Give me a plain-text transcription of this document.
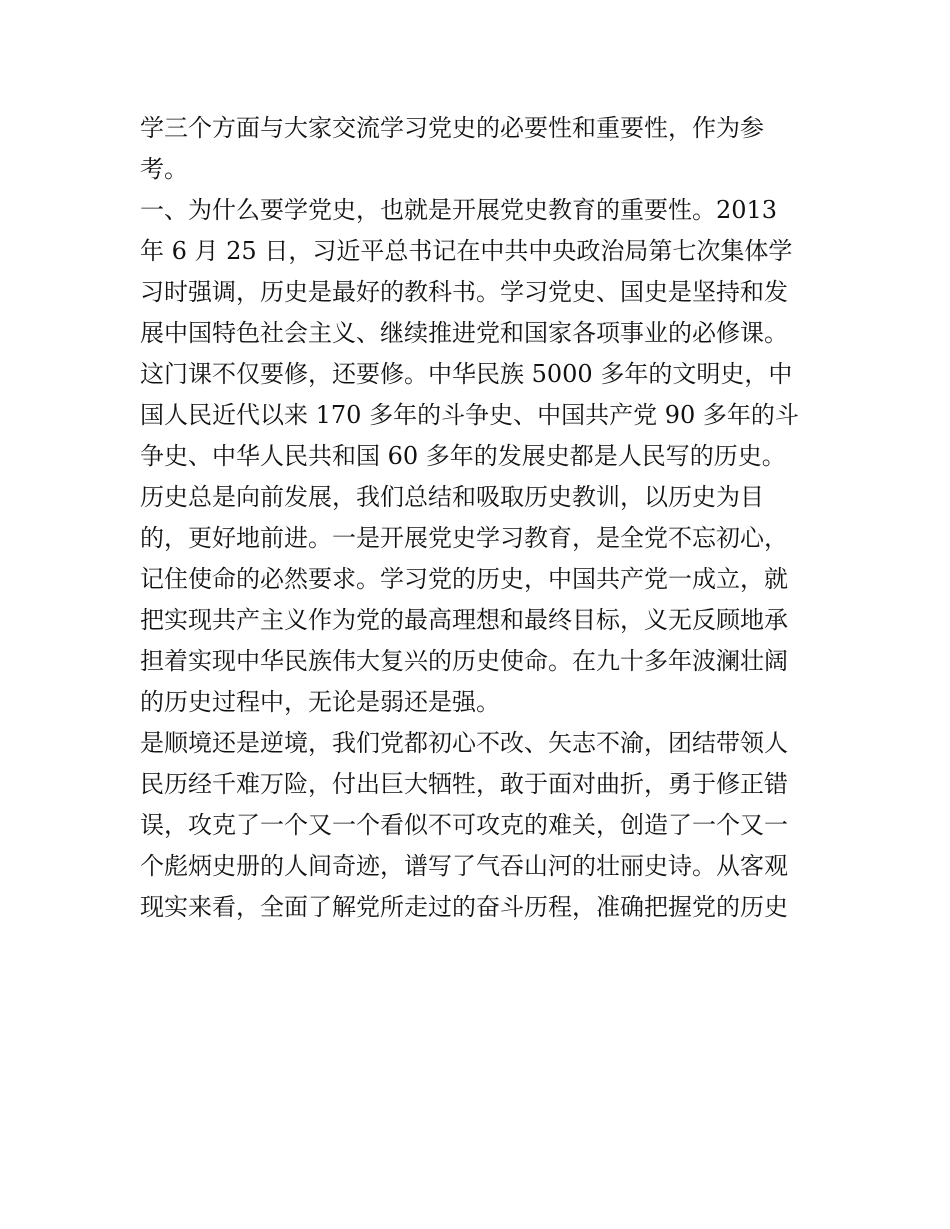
学三个方面与大家交流学习党史的必要性和重要性，作为参

考。

一、为什么要学党史，也就是开展党史教育的重要性。2013

年 6 月 25 日，习近平总书记在中共中央政治局第七次集体学

习时强调，历史是最好的教科书。学习党史、国史是坚持和发

展中国特色社会主义、继续推进党和国家各项事业的必修课。

这门课不仅要修，还要修。中华民族 5000 多年的文明史，中

国人民近代以来 170 多年的斗争史、中国共产党 90 多年的斗

争史、中华人民共和国 60 多年的发展史都是人民写的历史。

历史总是向前发展，我们总结和吸取历史教训，以历史为目

的，更好地前进。一是开展党史学习教育，是全党不忘初心，

记住使命的必然要求。学习党的历史，中国共产党一成立，就

把实现共产主义作为党的最高理想和最终目标，义无反顾地承

担着实现中华民族伟大复兴的历史使命。在九十多年波澜壮阔

的历史过程中，无论是弱还是强。

是顺境还是逆境，我们党都初心不改、矢志不渝，团结带领人

民历经千难万险，付出巨大牺牲，敢于面对曲折，勇于修正错

误，攻克了一个又一个看似不可攻克的难关，创造了一个又一

个彪炳史册的人间奇迹，谱写了气吞山河的壮丽史诗。从客观

现实来看，全面了解党所走过的奋斗历程，准确把握党的历史
